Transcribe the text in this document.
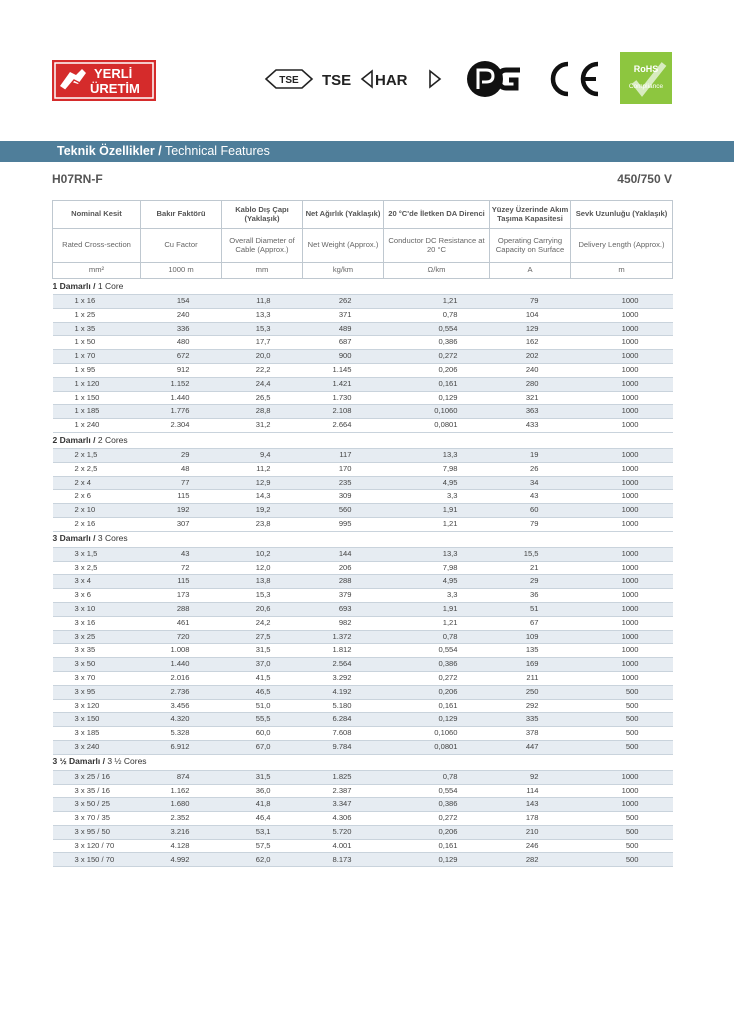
YERLİ
ÜRETİM
TSE TSE HAR
PC	CE
RoHS
Compliance
Teknik Özellikler / Technical Features
H07RN-F	450/750 V
Nominal Kesit	Bakır Faktörü	Kablo Dış Çapı (Yaklaşık)	Net Ağırlık (Yaklaşık)	20 °C'de İletken DA Direnci	Yüzey Üzerinde Akım Taşıma Kapasitesi	Sevk Uzunluğu (Yaklaşık)
Rated Cross-section	Cu Factor	Overall Diameter of Cable (Approx.)	Net Weight (Approx.)	Conductor DC Resistance at 20 °C	Operating Carrying Capacity on Surface	Delivery Length (Approx.)
mm²	1000 m	mm	kg/km	Ω/km	A	m
1 Damarlı / 1 Core						
1 x 16	154	11,8	262	1,21	79	1000
1 x 25	240	13,3	371	0,78	104	1000
1 x 35	336	15,3	489	0,554	129	1000
1 x 50	480	17,7	687	0,386	162	1000
1 x 70	672	20,0	900	0,272	202	1000
1 x 95	912	22,2	1.145	0,206	240	1000
1 x 120	1.152	24,4	1.421	0,161	280	1000
1 x 150	1.440	26,5	1.730	0,129	321	1000
1 x 185	1.776	28,8	2.108	0,1060	363	1000
1 x 240	2.304	31,2	2.664	0,0801	433	1000
2 Damarlı / 2 Cores						
2 x 1,5	29	9,4	117	13,3	19	1000
2 x 2,5	48	11,2	170	7,98	26	1000
2 x 4	77	12,9	235	4,95	34	1000
2 x 6	115	14,3	309	3,3	43	1000
2 x 10	192	19,2	560	1,91	60	1000
2 x 16	307	23,8	995	1,21	79	1000
3 Damarlı / 3 Cores						
3 x 1,5	43	10,2	144	13,3	15,5	1000
3 x 2,5	72	12,0	206	7,98	21	1000
3 x 4	115	13,8	288	4,95	29	1000
3 x 6	173	15,3	379	3,3	36	1000
3 x 10	288	20,6	693	1,91	51	1000
3 x 16	461	24,2	982	1,21	67	1000
3 x 25	720	27,5	1.372	0,78	109	1000
3 x 35	1.008	31,5	1.812	0,554	135	1000
3 x 50	1.440	37,0	2.564	0,386	169	1000
3 x 70	2.016	41,5	3.292	0,272	211	1000
3 x 95	2.736	46,5	4.192	0,206	250	500
3 x 120	3.456	51,0	5.180	0,161	292	500
3 x 150	4.320	55,5	6.284	0,129	335	500
3 x 185	5.328	60,0	7.608	0,1060	378	500
3 x 240	6.912	67,0	9.784	0,0801	447	500
3 ½ Damarlı / 3 ½ Cores						
3 x 25 / 16	874	31,5	1.825	0,78	92	1000
3 x 35 / 16	1.162	36,0	2.387	0,554	114	1000
3 x 50 / 25	1.680	41,8	3.347	0,386	143	1000
3 x 70 / 35	2.352	46,4	4.306	0,272	178	500
3 x 95 / 50	3.216	53,1	5.720	0,206	210	500
3 x 120 / 70	4.128	57,5	4.001	0,161	246	500
3 x 150 / 70	4.992	62,0	8.173	0,129	282	500
